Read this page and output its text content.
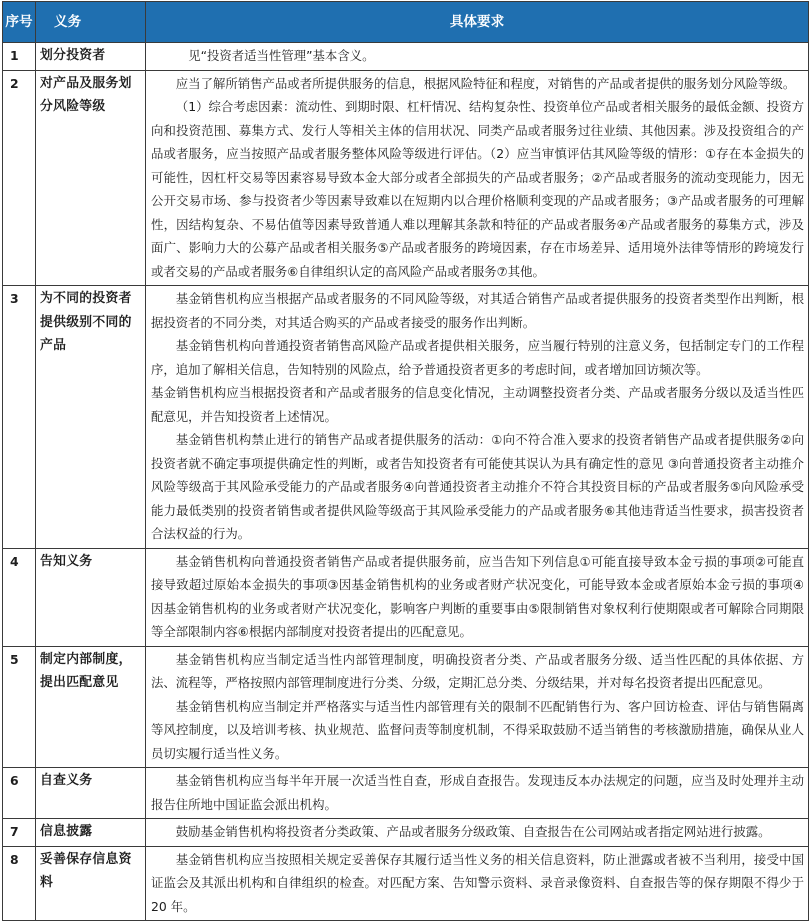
序号	义务	具体要求
1	划分投资者	见“投资者适当性管理”基本含义。

2	对产品及服务划分风险等级	应当了解所销售产品或者所提供服务的信息，根据风险特征和程度，对销售的产品或者提供的服务划分风险等级。
（1）综合考虑因素：流动性、到期时限、杠杆情况、结构复杂性、投资单位产品或者相关服务的最低金额、投资方向和投资范围、募集方式、发行人等相关主体的信用状况、同类产品或者服务过往业绩、其他因素。涉及投资组合的产品或者服务，应当按照产品或者服务整体风险等级进行评估。（2）应当审慎评估其风险等级的情形：①存在本金损失的可能性，因杠杆交易等因素容易导致本金大部分或者全部损失的产品或者服务；②产品或者服务的流动变现能力，因无公开交易市场、参与投资者少等因素导致难以在短期内以合理价格顺利变现的产品或者服务；③产品或者服务的可理解性，因结构复杂、不易估值等因素导致普通人难以理解其条款和特征的产品或者服务④产品或者服务的募集方式，涉及面广、影响力大的公募产品或者相关服务⑤产品或者服务的跨境因素，存在市场差异、适用境外法律等情形的跨境发行或者交易的产品或者服务⑥自律组织认定的高风险产品或者服务⑦其他。

3	为不同的投资者提供级别不同的产品	基金销售机构应当根据产品或者服务的不同风险等级，对其适合销售产品或者提供服务的投资者类型作出判断，根据投资者的不同分类，对其适合购买的产品或者接受的服务作出判断。
基金销售机构向普通投资者销售高风险产品或者提供相关服务，应当履行特别的注意义务，包括制定专门的工作程序，追加了解相关信息，告知特别的风险点，给予普通投资者更多的考虑时间，或者增加回访频次等。
基金销售机构应当根据投资者和产品或者服务的信息变化情况，主动调整投资者分类、产品或者服务分级以及适当性匹配意见，并告知投资者上述情况。
基金销售机构禁止进行的销售产品或者提供服务的活动：①向不符合准入要求的投资者销售产品或者提供服务②向投资者就不确定事项提供确定性的判断，或者告知投资者有可能使其误认为具有确定性的意见 ③向普通投资者主动推介风险等级高于其风险承受能力的产品或者服务④向普通投资者主动推介不符合其投资目标的产品或者服务⑤向风险承受能力最低类别的投资者销售或者提供风险等级高于其风险承受能力的产品或者服务⑥其他违背适当性要求，损害投资者合法权益的行为。

4	告知义务	基金销售机构向普通投资者销售产品或者提供服务前，应当告知下列信息①可能直接导致本金亏损的事项②可能直接导致超过原始本金损失的事项③因基金销售机构的业务或者财产状况变化，可能导致本金或者原始本金亏损的事项④因基金销售机构的业务或者财产状况变化，影响客户判断的重要事由⑤限制销售对象权利行使期限或者可解除合同期限等全部限制内容⑥根据内部制度对投资者提出的匹配意见。

5	制定内部制度，提出匹配意见	基金销售机构应当制定适当性内部管理制度，明确投资者分类、产品或者服务分级、适当性匹配的具体依据、方法、流程等，严格按照内部管理制度进行分类、分级，定期汇总分类、分级结果，并对每名投资者提出匹配意见。
基金销售机构应当制定并严格落实与适当性内部管理有关的限制不匹配销售行为、客户回访检查、评估与销售隔离等风控制度，以及培训考核、执业规范、监督问责等制度机制，不得采取鼓励不适当销售的考核激励措施，确保从业人员切实履行适当性义务。

6	自查义务	基金销售机构应当每半年开展一次适当性自查，形成自查报告。发现违反本办法规定的问题，应当及时处理并主动报告住所地中国证监会派出机构。

7	信息披露	鼓励基金销售机构将投资者分类政策、产品或者服务分级政策、自查报告在公司网站或者指定网站进行披露。

8	妥善保存信息资料	基金销售机构应当按照相关规定妥善保存其履行适当性义务的相关信息资料，防止泄露或者被不当利用，接受中国证监会及其派出机构和自律组织的检查。对匹配方案、告知警示资料、录音录像资料、自查报告等的保存期限不得少于 20 年。
